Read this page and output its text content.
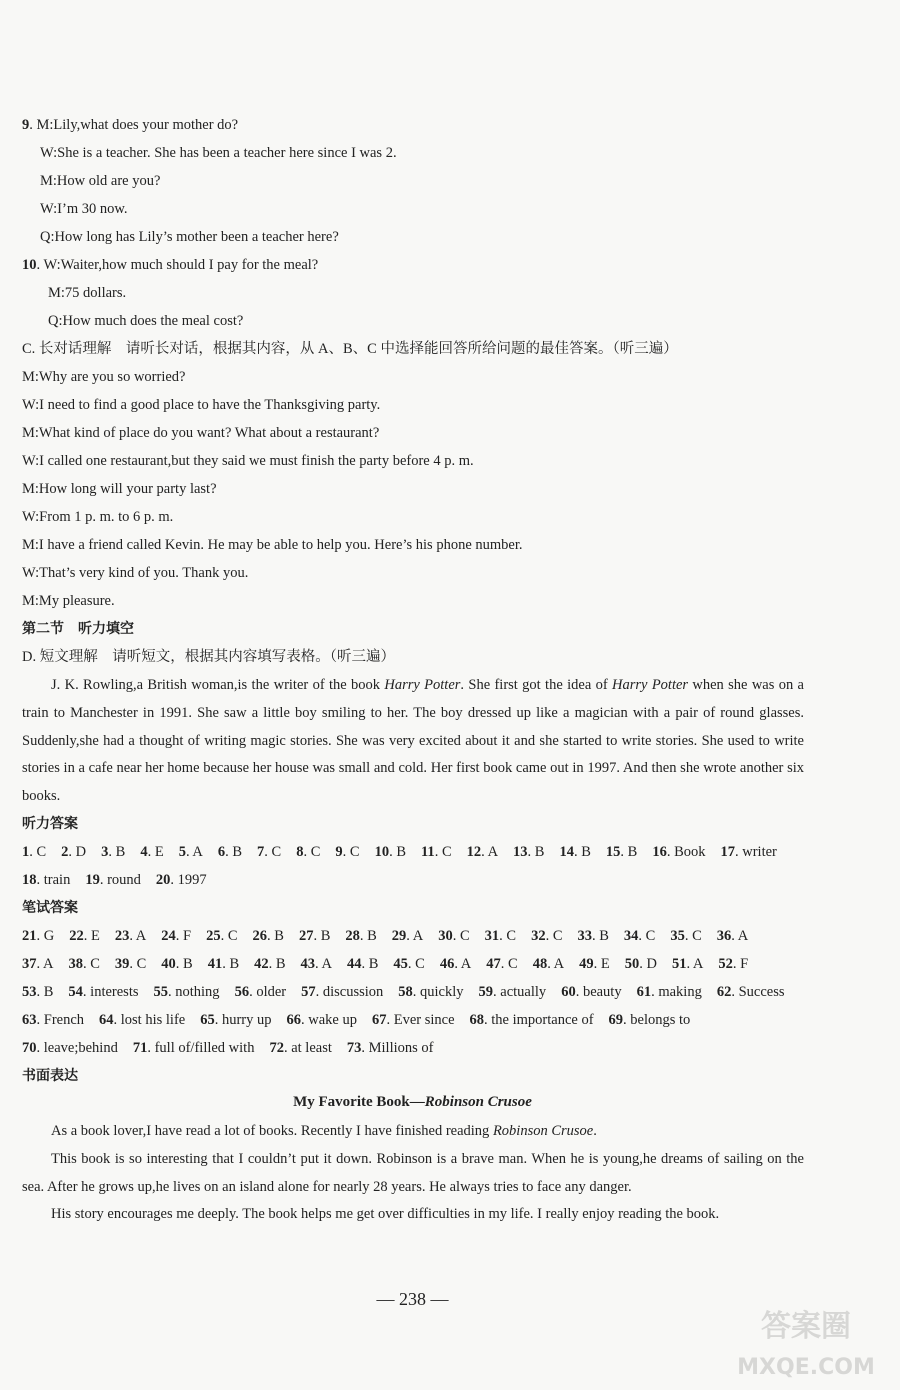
9. M:Lily,what does your mother do?
W:She is a teacher. She has been a teacher here since I was 2.
M:How old are you?
W:I’m 30 now.
Q:How long has Lily’s mother been a teacher here?
10. W:Waiter,how much should I pay for the meal?
M:75 dollars.
Q:How much does the meal cost?
C. 长对话理解　请听长对话，根据其内容，从 A、B、C 中选择能回答所给问题的最佳答案。（听三遍）
M:Why are you so worried?
W:I need to find a good place to have the Thanksgiving party.
M:What kind of place do you want? What about a restaurant?
W:I called one restaurant,but they said we must finish the party before 4 p. m.
M:How long will your party last?
W:From 1 p. m. to 6 p. m.
M:I have a friend called Kevin. He may be able to help you. Here’s his phone number.
W:That’s very kind of you. Thank you.
M:My pleasure.
第二节　听力填空
D. 短文理解　请听短文，根据其内容填写表格。（听三遍）

J. K. Rowling,a British woman,is the writer of the book Harry Potter. She first got the idea of Harry Potter when she was on a train to Manchester in 1991. She saw a little boy smiling to her. The boy dressed up like a magician with a pair of round glasses. Suddenly,she had a thought of writing magic stories. She was very excited about it and she started to write stories. She used to write stories in a cafe near her home because her house was small and cold. Her first book came out in 1997. And then she wrote another six books.

听力答案
1. C 2. D 3. B 4. E 5. A 6. B 7. C 8. C 9. C 10. B 11. C 12. A 13. B 14. B 15. B 16. Book 17. writer
18. train 19. round 20. 1997
笔试答案
21. G 22. E 23. A 24. F 25. C 26. B 27. B 28. B 29. A 30. C 31. C 32. C 33. B 34. C 35. C 36. A
37. A 38. C 39. C 40. B 41. B 42. B 43. A 44. B 45. C 46. A 47. C 48. A 49. E 50. D 51. A 52. F
53. B 54. interests 55. nothing 56. older 57. discussion 58. quickly 59. actually 60. beauty 61. making 62. Success
63. French 64. lost his life 65. hurry up 66. wake up 67. Ever since 68. the importance of 69. belongs to
70. leave;behind 71. full of/filled with 72. at least 73. Millions of
书面表达
My Favorite Book—Robinson Crusoe

As a book lover,I have read a lot of books. Recently I have finished reading Robinson Crusoe.

This book is so interesting that I couldn’t put it down. Robinson is a brave man. When he is young,he dreams of sailing on the sea. After he grows up,he lives on an island alone for nearly 28 years. He always tries to face any danger.

His story encourages me deeply. The book helps me get over difficulties in my life. I really enjoy reading the book.

— 238 —
答案圈
MXQE.COM
